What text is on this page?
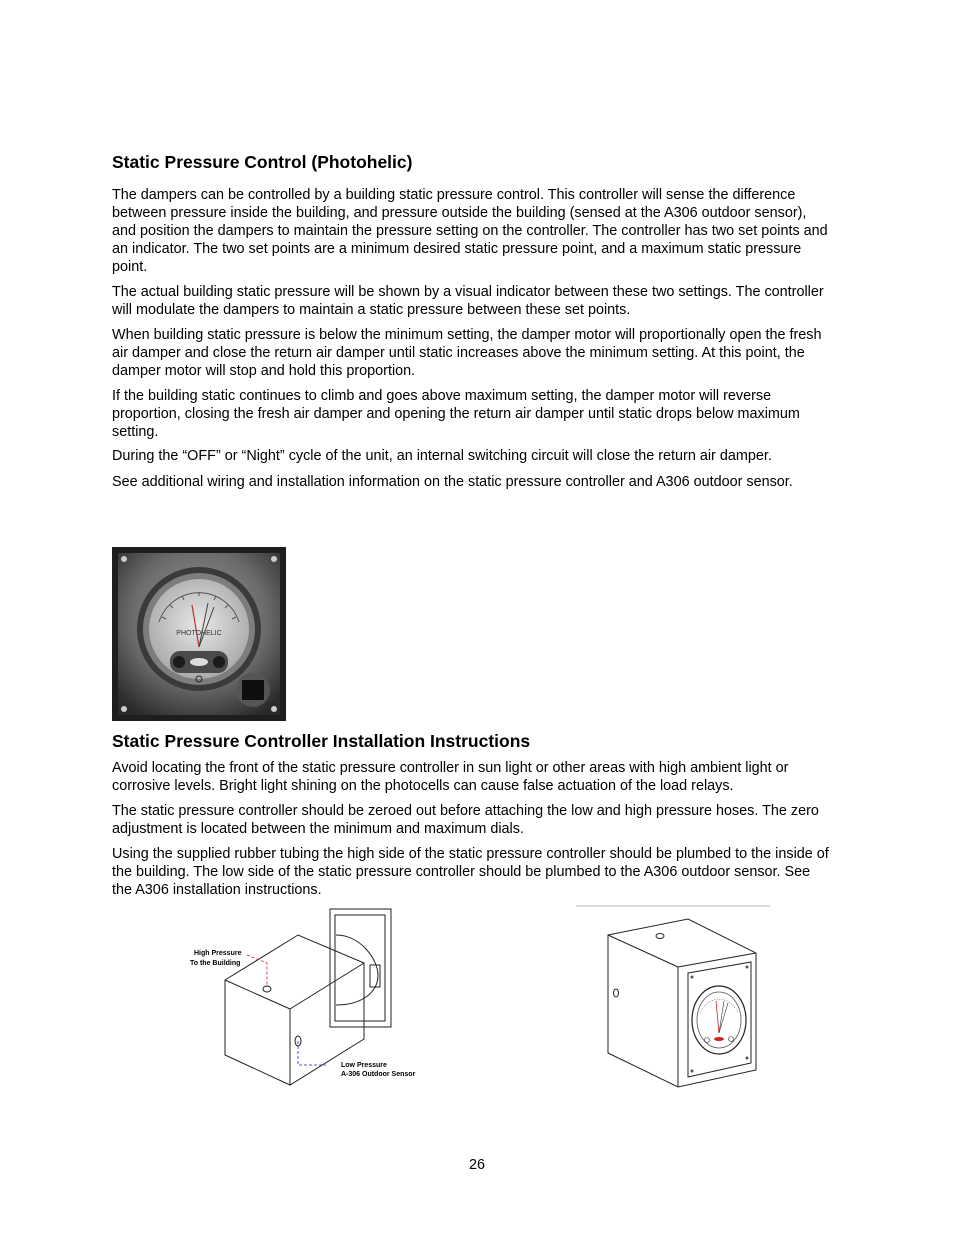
Static Pressure Control (Photohelic)

The dampers can be controlled by a building static pressure control. This controller will sense the difference between pressure inside the building, and pressure outside the building (sensed at the A306 outdoor sensor), and position the dampers to maintain the pressure setting on the controller. The controller has two set points and an indicator. The two set points are a minimum desired static pressure point, and a maximum static pressure point.

The actual building static pressure will be shown by a visual indicator between these two settings. The controller will modulate the dampers to maintain a static pressure between these set points.

When building static pressure is below the minimum setting, the damper motor will proportionally open the fresh air damper and close the return air damper until static increases above the minimum setting. At this point, the damper motor will stop and hold this proportion.

If the building static continues to climb and goes above maximum setting, the damper motor will reverse proportion, closing the fresh air damper and opening the return air damper until static drops below maximum setting.

During the “OFF” or “Night” cycle of the unit, an internal switching circuit will close the return air damper.

See additional wiring and installation information on the static pressure controller and A306 outdoor sensor.

PHOTOHELIC
Static Pressure Controller Installation Instructions

Avoid locating the front of the static pressure controller in sun light or other areas with high ambient light or corrosive levels. Bright light shining on the photocells can cause false actuation of the load relays.

The static pressure controller should be zeroed out before attaching the low and high pressure hoses. The zero adjustment is located between the minimum and maximum dials.

Using the supplied rubber tubing the high side of the static pressure controller should be plumbed to the inside of the building. The low side of the static pressure controller should be plumbed to the A306 outdoor sensor. See the A306 installation instructions.

High Pressure
To the Building
Low Pressure
A-306 Outdoor Sensor
26
